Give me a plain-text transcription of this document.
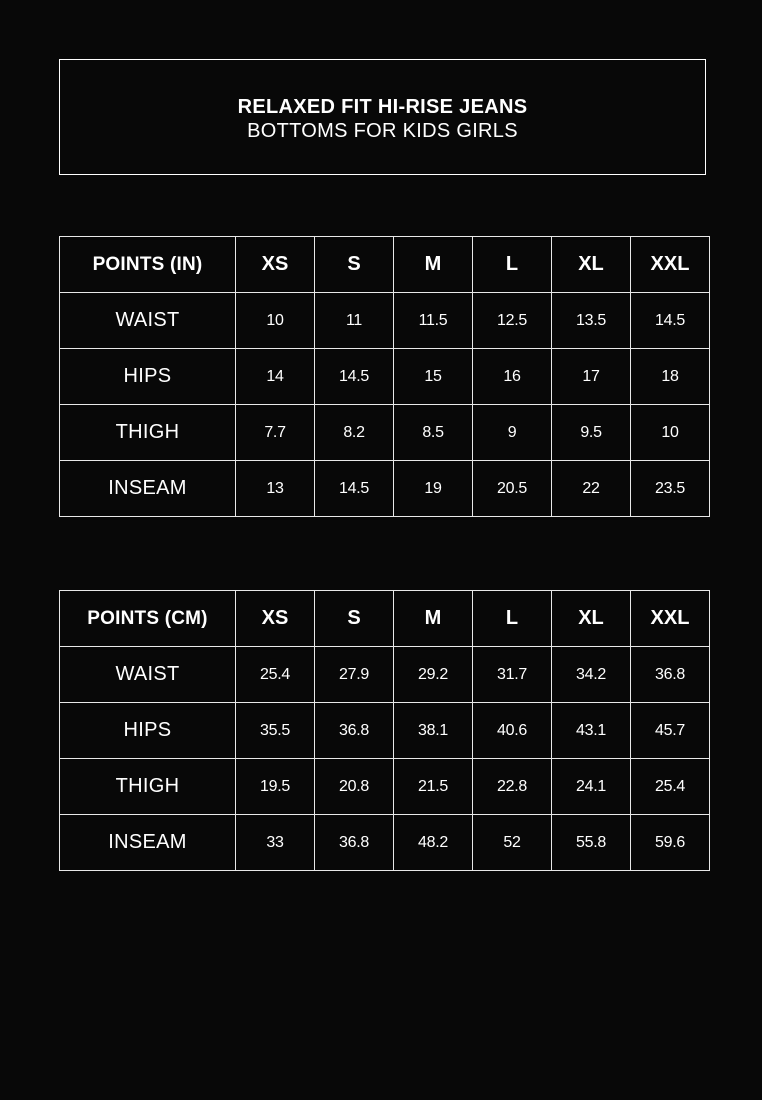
RELAXED FIT HI-RISE JEANS
BOTTOMS FOR KIDS GIRLS
POINTS (IN)	XS	S	M	L	XL	XXL
WAIST	10	11	11.5	12.5	13.5	14.5
HIPS	14	14.5	15	16	17	18
THIGH	7.7	8.2	8.5	9	9.5	10
INSEAM	13	14.5	19	20.5	22	23.5
POINTS (CM)	XS	S	M	L	XL	XXL
WAIST	25.4	27.9	29.2	31.7	34.2	36.8
HIPS	35.5	36.8	38.1	40.6	43.1	45.7
THIGH	19.5	20.8	21.5	22.8	24.1	25.4
INSEAM	33	36.8	48.2	52	55.8	59.6
